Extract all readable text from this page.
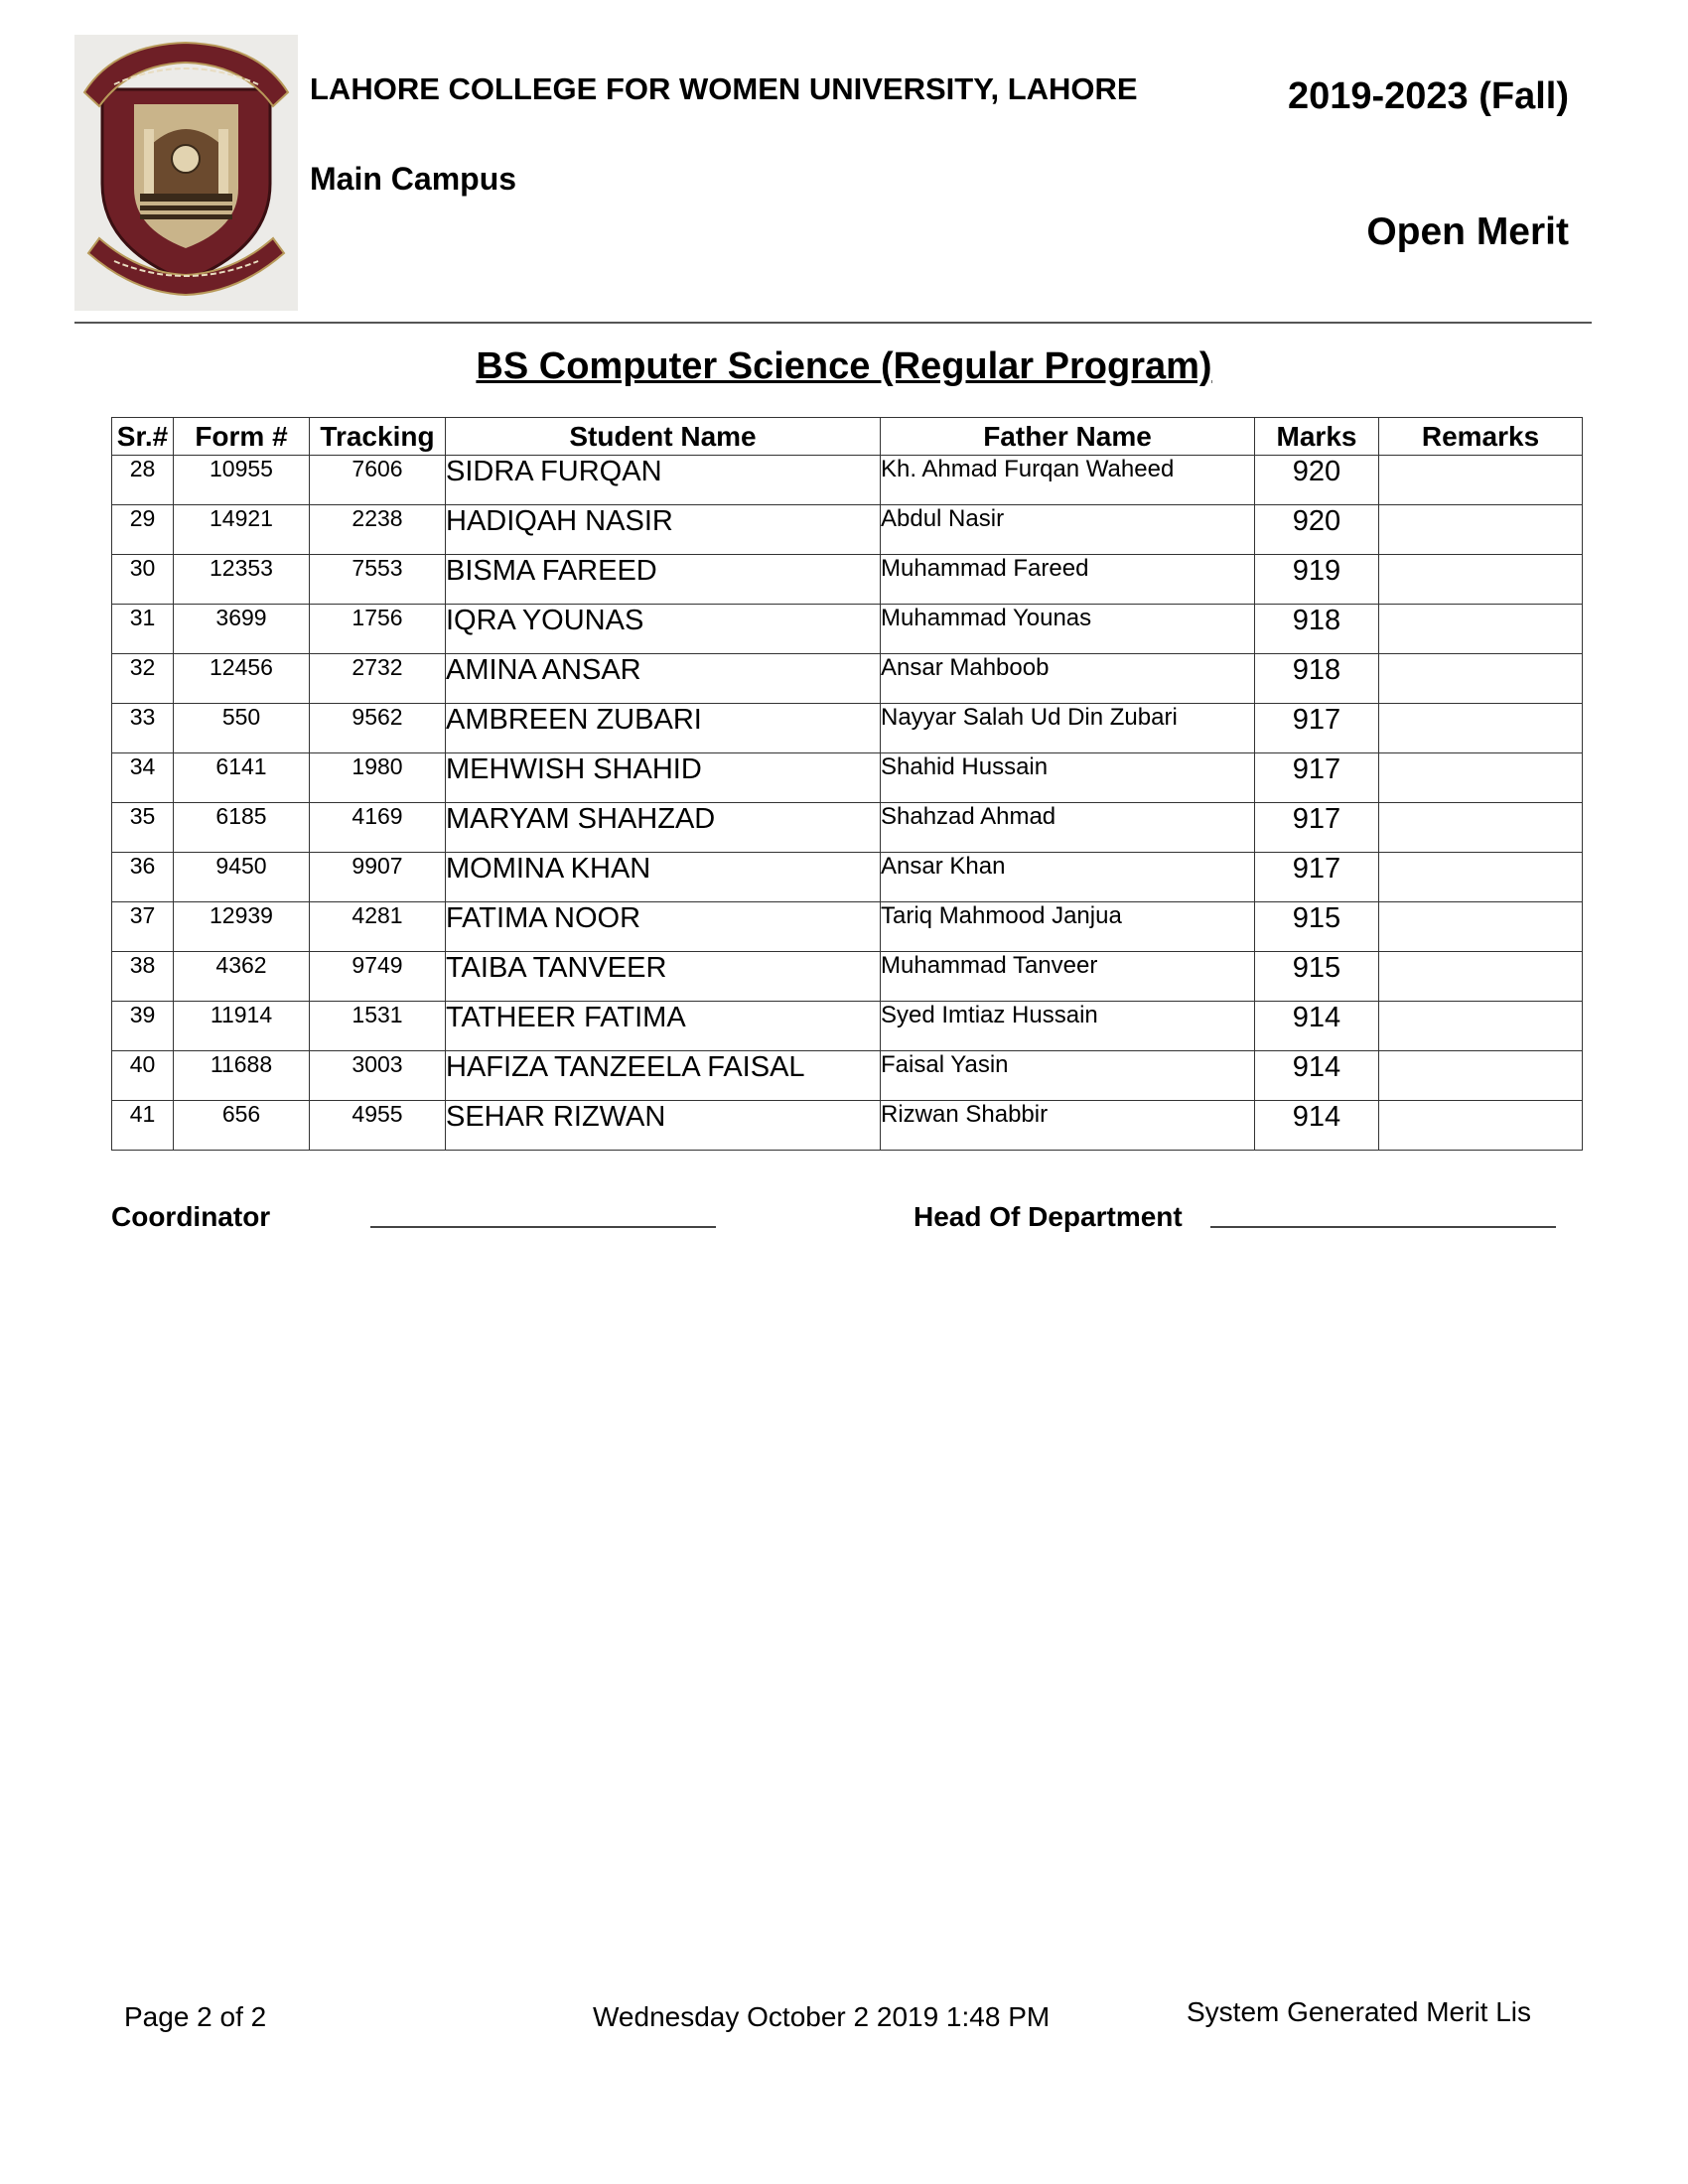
LAHORE COLLEGE FOR WOMEN UNIVERSITY, LAHORE	2019-2023 (Fall)
Main Campus
Open Merit
BS Computer Science (Regular Program)
Sr.#	Form #	Tracking	Student Name	Father Name	Marks	Remarks
28	10955	7606	SIDRA FURQAN	Kh. Ahmad Furqan Waheed	920	
29	14921	2238	HADIQAH NASIR	Abdul Nasir	920	
30	12353	7553	BISMA FAREED	Muhammad Fareed	919	
31	3699	1756	IQRA YOUNAS	Muhammad Younas	918	
32	12456	2732	AMINA ANSAR	Ansar Mahboob	918	
33	550	9562	AMBREEN ZUBARI	Nayyar Salah Ud Din Zubari	917	
34	6141	1980	MEHWISH SHAHID	Shahid Hussain	917	
35	6185	4169	MARYAM SHAHZAD	Shahzad Ahmad	917	
36	9450	9907	MOMINA KHAN	Ansar Khan	917	
37	12939	4281	FATIMA NOOR	Tariq Mahmood Janjua	915	
38	4362	9749	TAIBA TANVEER	Muhammad Tanveer	915	
39	11914	1531	TATHEER FATIMA	Syed Imtiaz Hussain	914	
40	11688	3003	HAFIZA TANZEELA FAISAL	Faisal Yasin	914	
41	656	4955	SEHAR RIZWAN	Rizwan Shabbir	914	
Coordinator	Head Of Department
Page 2 of 2	Wednesday October 2 2019 1:48 PM	System Generated Merit Lis
